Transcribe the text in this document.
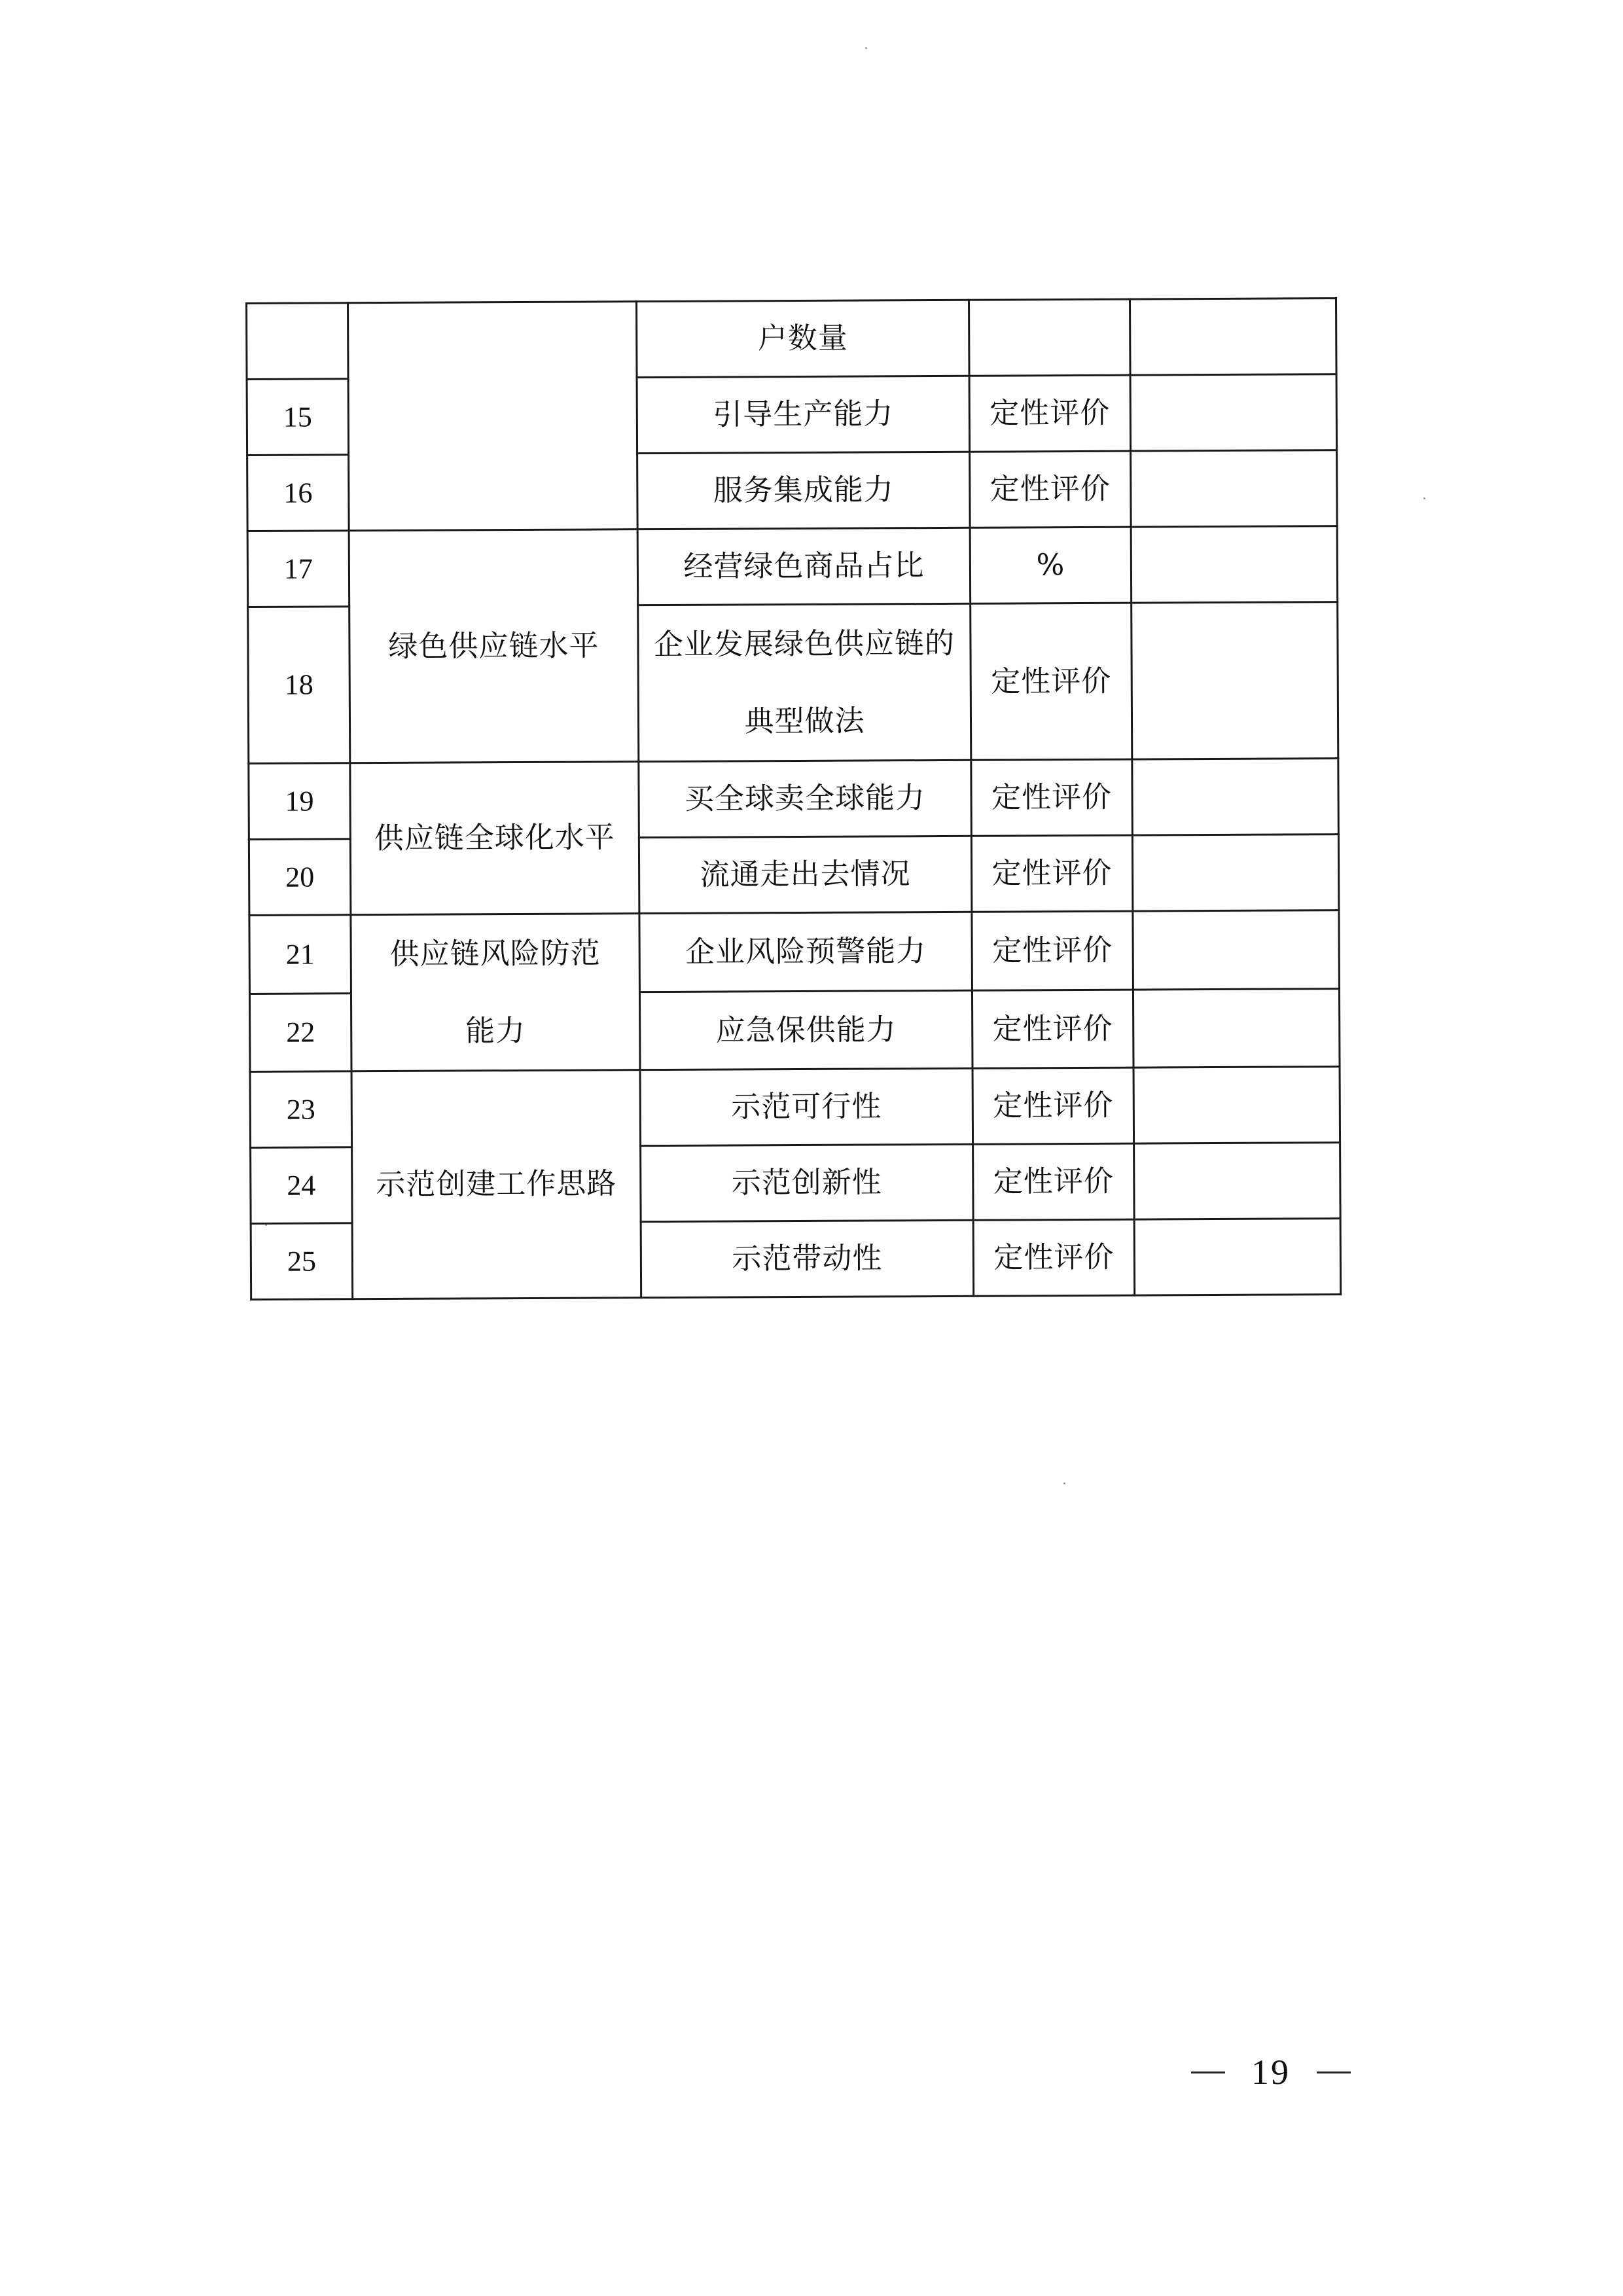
		户数量		
15		引导生产能力	定性评价	
16		服务集成能力	定性评价	
17	绿色供应链水平	经营绿色商品占比	%	
18		企业发展绿色供应链的
典型做法	定性评价	
19	供应链全球化水平	买全球卖全球能力	定性评价	
20		流通走出去情况	定性评价	
21	供应链风险防范
能力	企业风险预警能力	定性评价	
22		应急保供能力	定性评价	
23	示范创建工作思路	示范可行性	定性评价	
24		示范创新性	定性评价	
25		示范带动性	定性评价	
19
